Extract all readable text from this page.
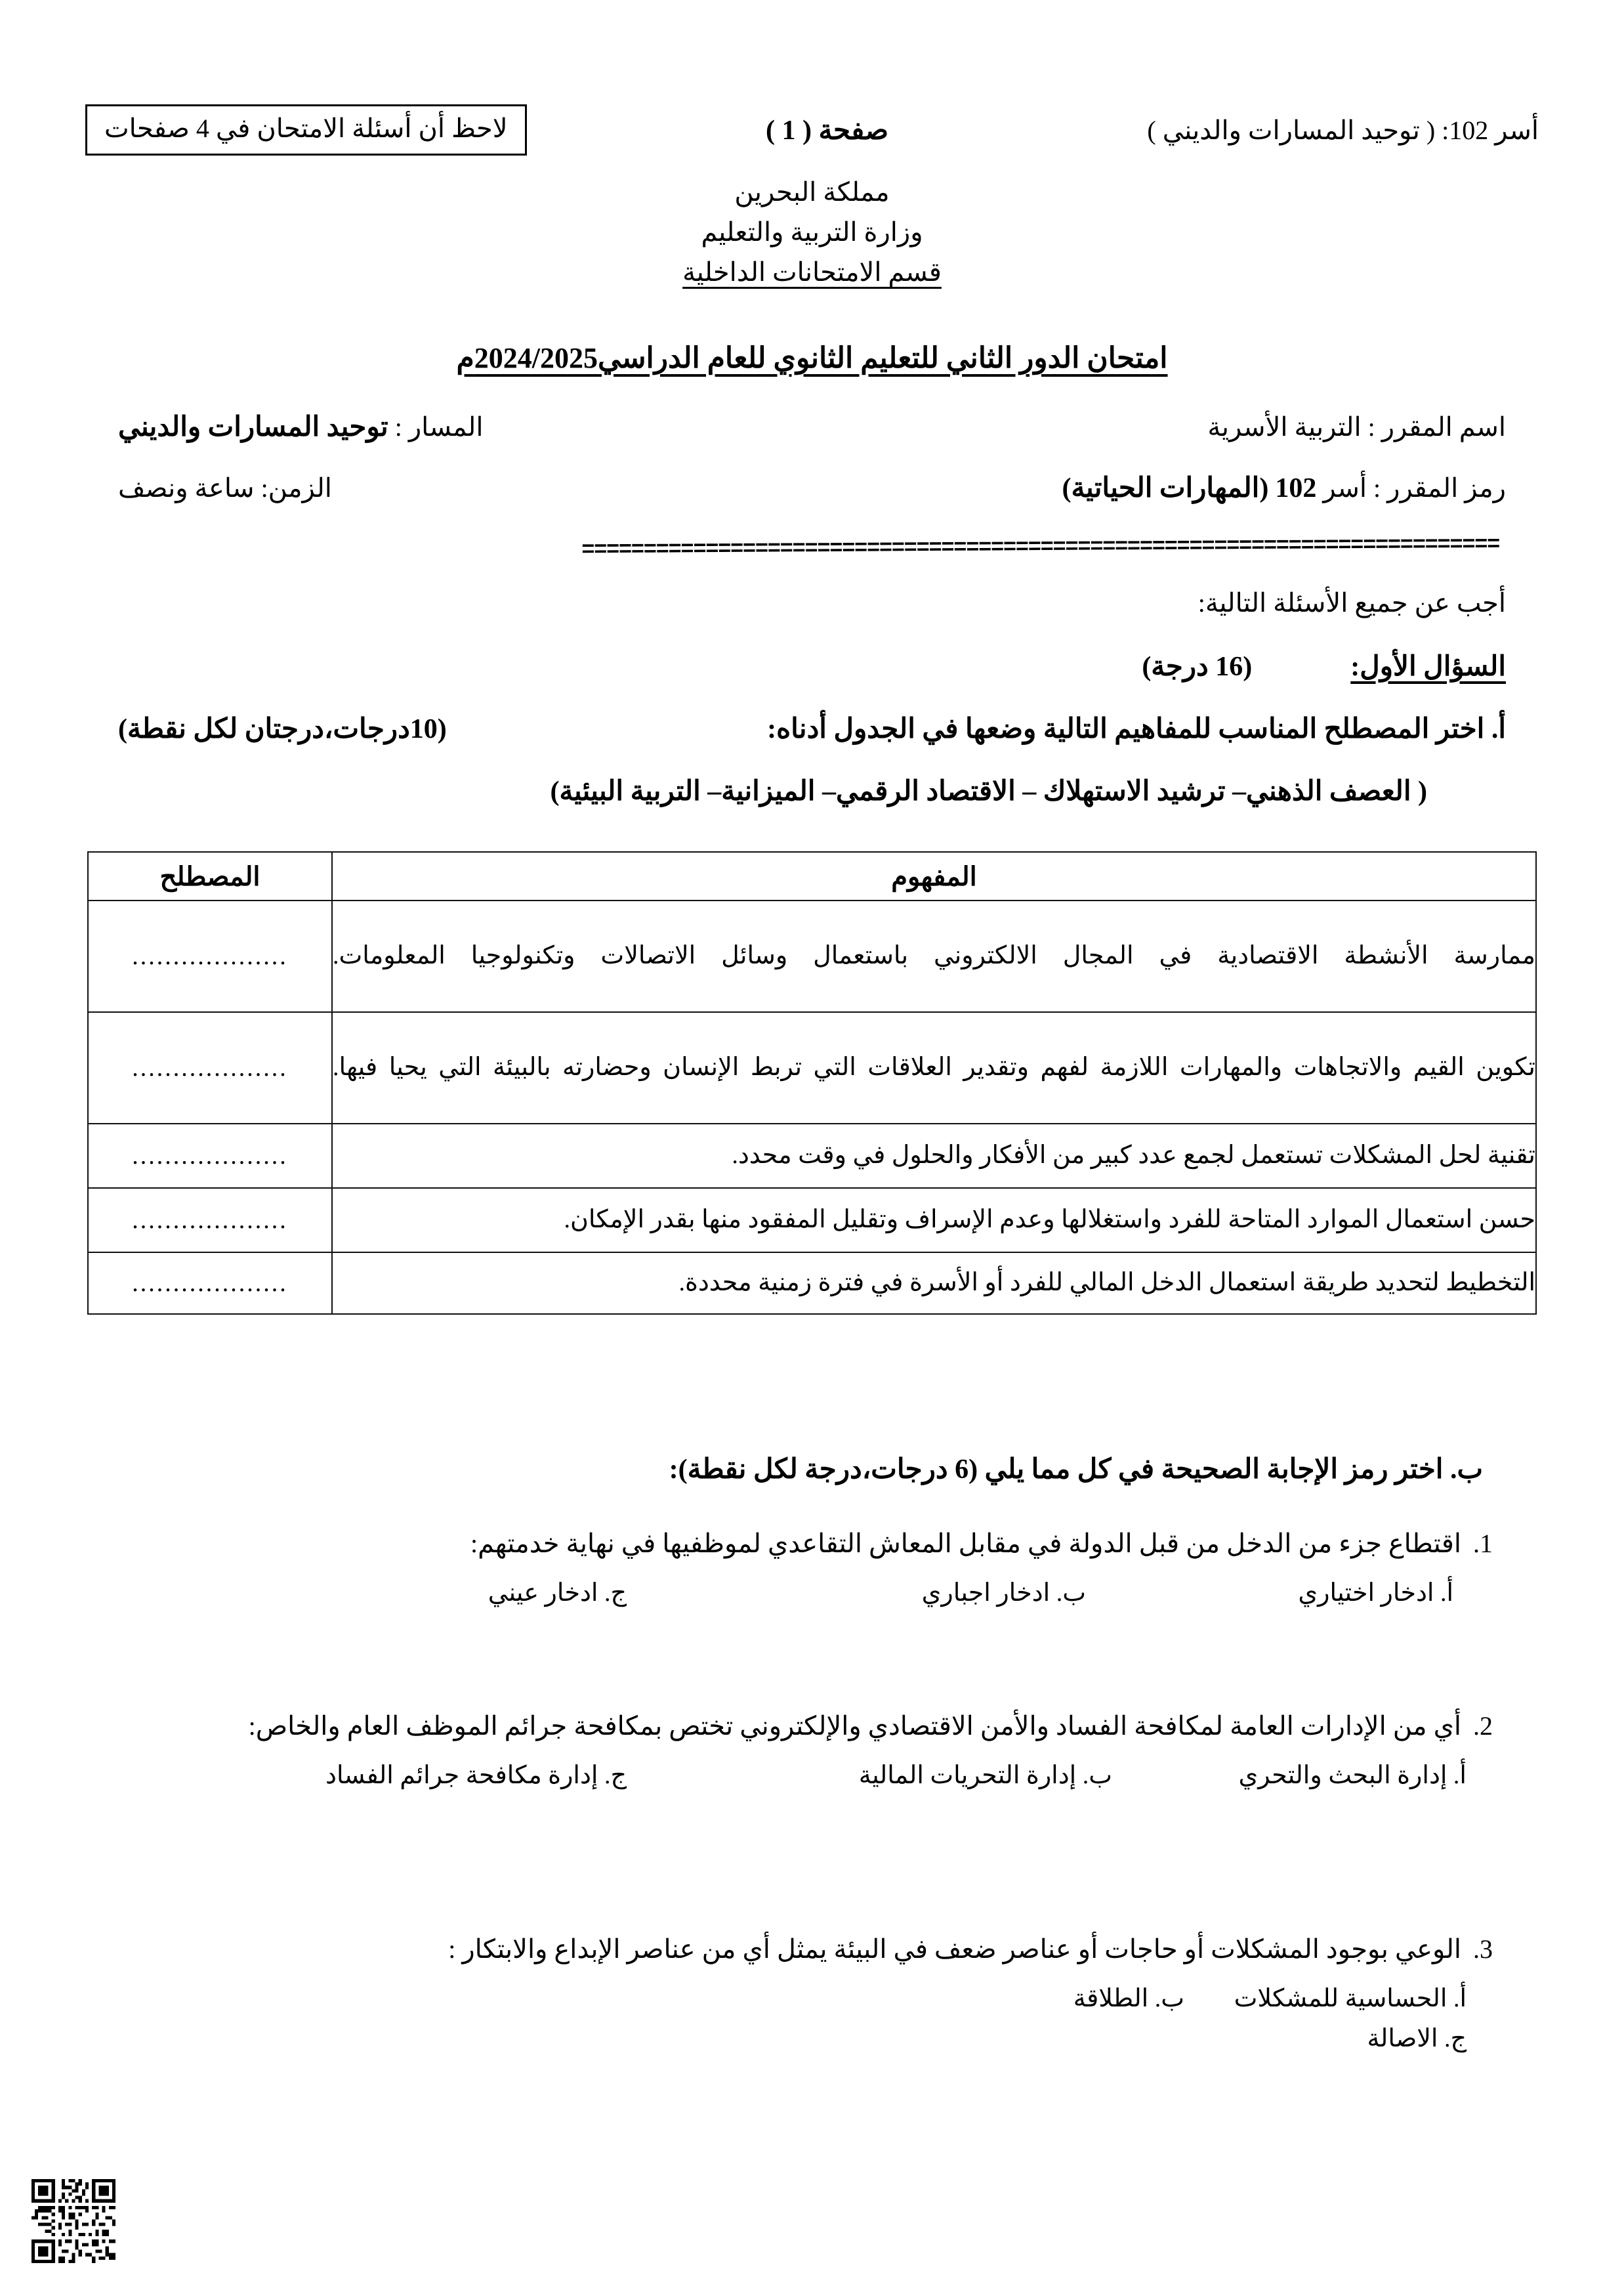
أسر 102: ( توحيد المسارات والديني )
صفحة ( 1 )
لاحظ أن أسئلة الامتحان في 4 صفحات
مملكة البحرين
وزارة التربية والتعليم
قسم الامتحانات الداخلية
امتحان الدور الثاني للتعليم الثانوي للعام الدراسي2024/2025م
اسم المقرر : التربية الأسرية
المسار : توحيد المسارات والديني
رمز المقرر : أسر 102 (المهارات الحياتية)
الزمن: ساعة ونصف
==========================================================================
أجب عن جميع الأسئلة التالية:
السؤال الأول:
(16 درجة)
أ. اختر المصطلح المناسب للمفاهيم التالية وضعها في الجدول أدناه:
(10درجات،درجتان لكل نقطة)
( العصف الذهني– ترشيد الاستهلاك – الاقتصاد الرقمي– الميزانية– التربية البيئية)
المفهوم	المصطلح
ممارسة الأنشطة الاقتصادية في المجال الالكتروني باستعمال وسائل الاتصالات وتكنولوجيا المعلومات.	...................
تكوين القيم والاتجاهات والمهارات اللازمة لفهم وتقدير العلاقات التي تربط الإنسان وحضارته بالبيئة التي يحيا فيها.	...................
تقنية لحل المشكلات تستعمل لجمع عدد كبير من الأفكار والحلول في وقت محدد.	...................
حسن استعمال الموارد المتاحة للفرد واستغلالها وعدم الإسراف وتقليل المفقود منها بقدر الإمكان.	...................
التخطيط لتحديد طريقة استعمال الدخل المالي للفرد أو الأسرة في فترة زمنية محددة.	...................
ب. اختر رمز الإجابة الصحيحة في كل مما يلي (6 درجات،درجة لكل نقطة):
1.
اقتطاع جزء من الدخل من قبل الدولة في مقابل المعاش التقاعدي لموظفيها في نهاية خدمتهم:
أ. ادخار اختياري
ب. ادخار اجباري
ج. ادخار عيني
2.
أي من الإدارات العامة لمكافحة الفساد والأمن الاقتصادي والإلكتروني تختص بمكافحة جرائم الموظف العام والخاص:
أ. إدارة البحث والتحري
ب. إدارة التحريات المالية
ج. إدارة مكافحة جرائم الفساد
3.
الوعي بوجود المشكلات أو حاجات أو عناصر ضعف في البيئة يمثل أي من عناصر الإبداع والابتكار :
أ. الحساسية للمشكلات
ب. الطلاقة
ج. الاصالة
